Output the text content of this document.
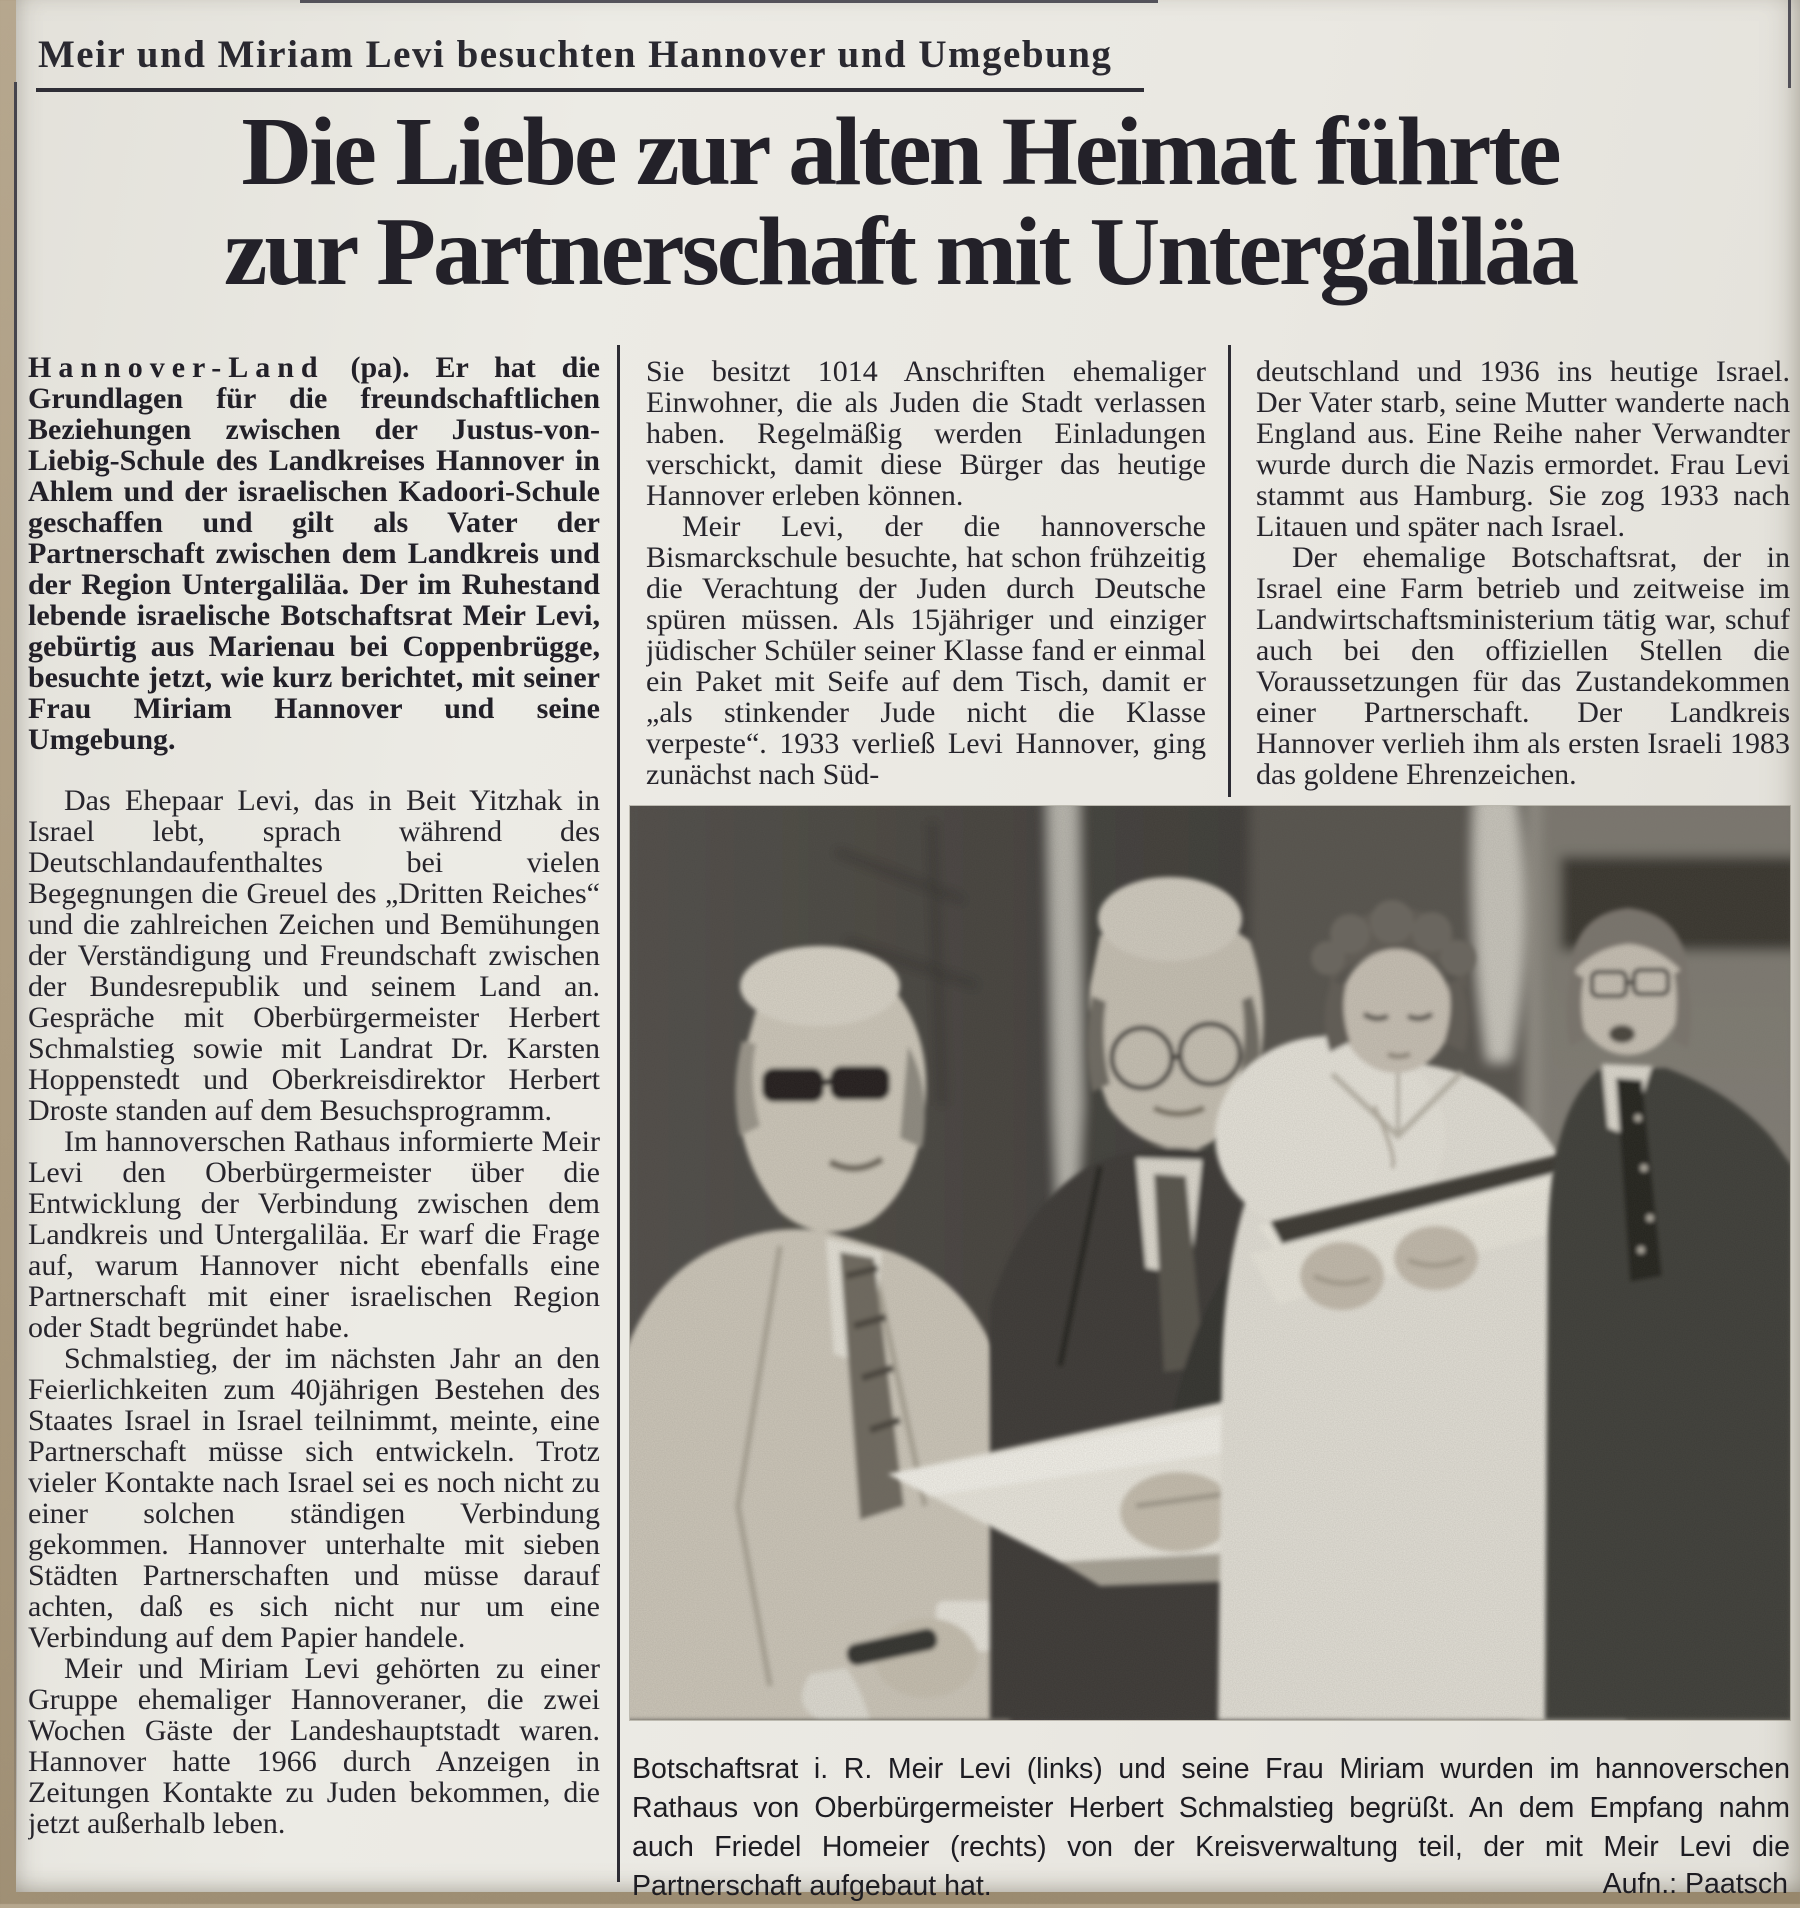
Meir und Miriam Levi besuchten Hannover und Umgebung
Die Liebe zur alten Heimat führte
zur Partnerschaft mit Untergaliläa

Hannover-Land (pa). Er hat die Grundlagen für die freundschaftlichen Beziehungen zwischen der Justus-von-Liebig-Schule des Landkreises Hannover in Ahlem und der israelischen Kadoori-Schule geschaffen und gilt als Vater der Partnerschaft zwischen dem Landkreis und der Region Untergaliläa. Der im Ruhestand lebende israelische Botschaftsrat Meir Levi, gebürtig aus Marienau bei Coppenbrügge, besuchte jetzt, wie kurz berichtet, mit seiner Frau Miriam Hannover und seine Umgebung.

Das Ehepaar Levi, das in Beit Yitzhak in Israel lebt, sprach während des Deutschlandaufenthaltes bei vielen Begegnungen die Greuel des „Dritten Reiches“ und die zahlreichen Zeichen und Bemühungen der Verständigung und Freundschaft zwischen der Bundesrepublik und seinem Land an. Gespräche mit Oberbürgermeister Herbert Schmalstieg sowie mit Landrat Dr. Karsten Hoppenstedt und Oberkreisdirektor Herbert Droste standen auf dem Besuchsprogramm.

Im hannoverschen Rathaus informierte Meir Levi den Oberbürgermeister über die Entwicklung der Verbindung zwischen dem Landkreis und Untergaliläa. Er warf die Frage auf, warum Hannover nicht ebenfalls eine Partnerschaft mit einer israelischen Region oder Stadt begründet habe.

Schmalstieg, der im nächsten Jahr an den Feierlichkeiten zum 40jährigen Bestehen des Staates Israel in Israel teilnimmt, meinte, eine Partnerschaft müsse sich entwickeln. Trotz vieler Kontakte nach Israel sei es noch nicht zu einer solchen ständigen Verbindung gekommen. Hannover unterhalte mit sieben Städten Partnerschaften und müsse darauf achten, daß es sich nicht nur um eine Verbindung auf dem Papier handele.

Meir und Miriam Levi gehörten zu einer Gruppe ehemaliger Hannoveraner, die zwei Wochen Gäste der Landeshauptstadt waren. Hannover hatte 1966 durch Anzeigen in Zeitungen Kontakte zu Juden bekommen, die jetzt außerhalb leben.

Sie besitzt 1014 Anschriften ehemaliger Einwohner, die als Juden die Stadt verlassen haben. Regelmäßig werden Einladungen verschickt, damit diese Bürger das heutige Hannover erleben können.

Meir Levi, der die hannoversche Bismarckschule besuchte, hat schon frühzeitig die Verachtung der Juden durch Deutsche spüren müssen. Als 15jähriger und einziger jüdischer Schüler seiner Klasse fand er einmal ein Paket mit Seife auf dem Tisch, damit er „als stinkender Jude nicht die Klasse verpeste“. 1933 verließ Levi Hannover, ging zunächst nach Süd-

deutschland und 1936 ins heutige Israel. Der Vater starb, seine Mutter wanderte nach England aus. Eine Reihe naher Verwandter wurde durch die Nazis ermordet. Frau Levi stammt aus Hamburg. Sie zog 1933 nach Litauen und später nach Israel.

Der ehemalige Botschaftsrat, der in Israel eine Farm betrieb und zeitweise im Landwirtschaftsministerium tätig war, schuf auch bei den offiziellen Stellen die Voraussetzungen für das Zustandekommen einer Partnerschaft. Der Landkreis Hannover verlieh ihm als ersten Israeli 1983 das goldene Ehrenzeichen.

Botschaftsrat i. R. Meir Levi (links) und seine Frau Miriam wurden im hannoverschen Rathaus von Oberbürgermeister Herbert Schmalstieg begrüßt. An dem Empfang nahm auch Friedel Homeier (rechts) von der Kreisverwaltung teil, der mit Meir Levi die Partnerschaft aufgebaut hat.	Aufn.: Paatsch
